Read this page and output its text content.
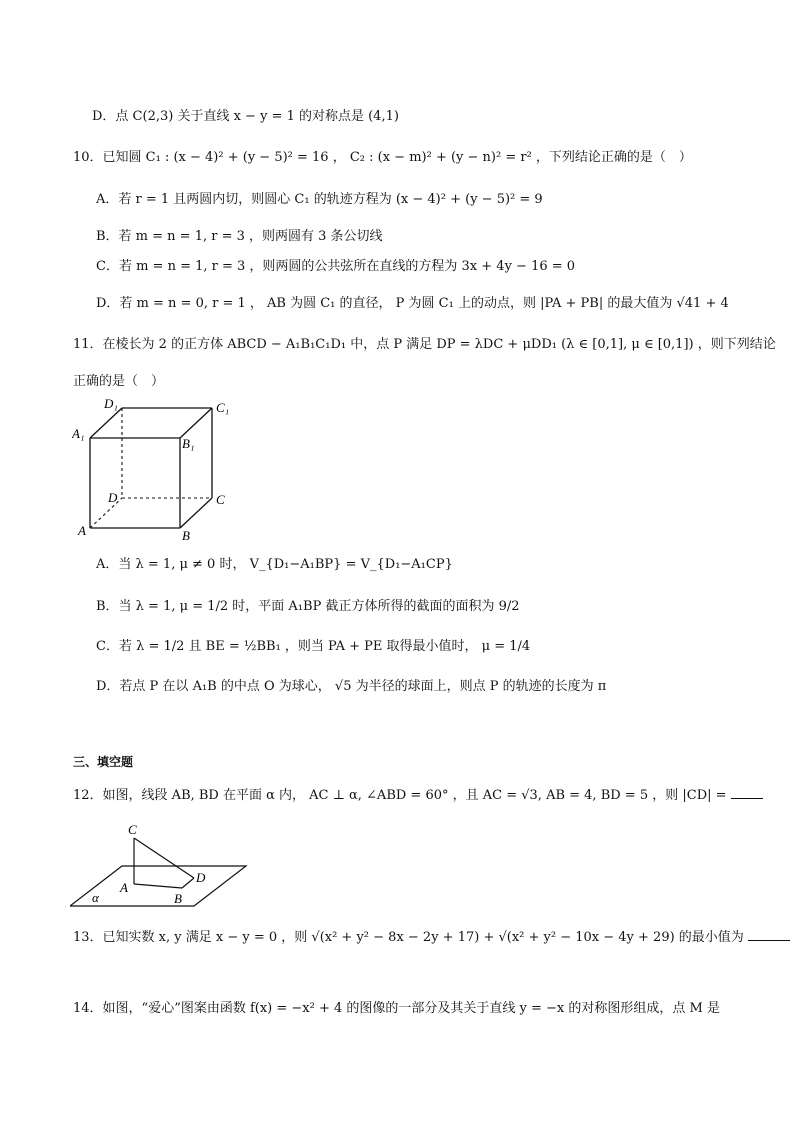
D．点 C(2,3) 关于直线 x − y = 1 的对称点是 (4,1)
10．已知圆 C₁ : (x − 4)² + (y − 5)² = 16 ， C₂ : (x − m)² + (y − n)² = r² ，下列结论正确的是（　）
A．若 r = 1 且两圆内切，则圆心 C₁ 的轨迹方程为 (x − 4)² + (y − 5)² = 9
B．若 m = n = 1, r = 3 ，则两圆有 3 条公切线
C．若 m = n = 1, r = 3 ，则两圆的公共弦所在直线的方程为 3x + 4y − 16 = 0
D．若 m = n = 0, r = 1 ， AB 为圆 C₁ 的直径， P 为圆 C₁ 上的动点，则 |PA + PB| 的最大值为 √41 + 4
11．在棱长为 2 的正方体 ABCD − A₁B₁C₁D₁ 中，点 P 满足 DP = λDC + μDD₁ (λ ∈ [0,1], μ ∈ [0,1]) ，则下列结论
正确的是（　）
D₁	C₁
A₁
B₁
D	C
A	B
A．当 λ = 1, μ ≠ 0 时， V_{D₁−A₁BP} = V_{D₁−A₁CP}
B．当 λ = 1, μ = 1/2 时，平面 A₁BP 截正方体所得的截面的面积为 9/2
C．若 λ = 1/2 且 BE = ½BB₁ ，则当 PA + PE 取得最小值时， μ = 1/4
D．若点 P 在以 A₁B 的中点 O 为球心， √5 为半径的球面上，则点 P 的轨迹的长度为 π
三、填空题
12．如图，线段 AB, BD 在平面 α 内， AC ⊥ α, ∠ABD = 60° ，且 AC = √3, AB = 4, BD = 5 ，则 |CD| =
C
A
D
B
α
13．已知实数 x, y 满足 x − y = 0 ，则 √(x² + y² − 8x − 2y + 17) + √(x² + y² − 10x − 4y + 29) 的最小值为
14．如图，“爱心”图案由函数 f(x) = −x² + 4 的图像的一部分及其关于直线 y = −x 的对称图形组成，点 M 是
